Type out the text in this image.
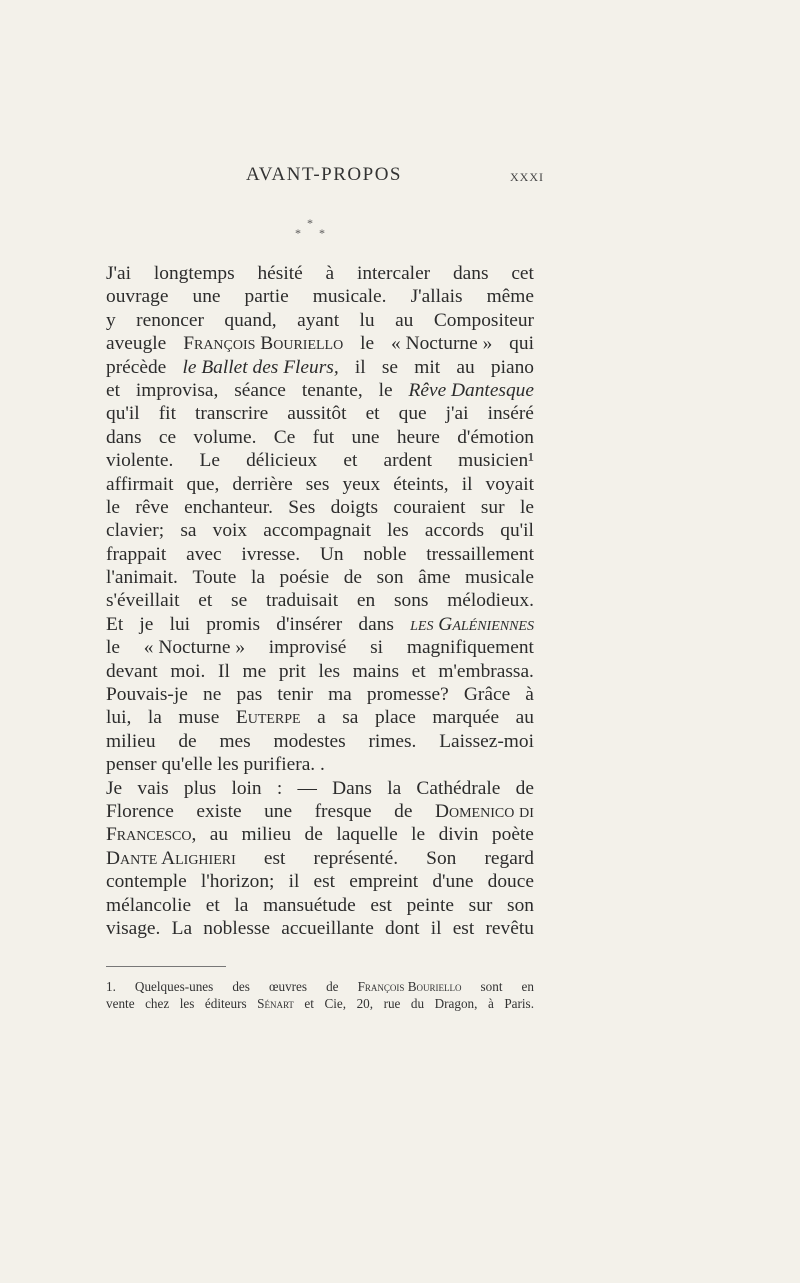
AVANT-PROPOS	XXXI
*
* *
J'ai longtemps hésité à intercaler dans cet
ouvrage une partie musicale. J'allais même
y renoncer quand, ayant lu au Compositeur
aveugle François Bouriello le « Nocturne » qui
précède le Ballet des Fleurs, il se mit au piano
et improvisa, séance tenante, le Rêve Dantesque
qu'il fit transcrire aussitôt et que j'ai inséré
dans ce volume. Ce fut une heure d'émotion
violente. Le délicieux et ardent musicien¹
affirmait que, derrière ses yeux éteints, il voyait
le rêve enchanteur. Ses doigts couraient sur le
clavier; sa voix accompagnait les accords qu'il
frappait avec ivresse. Un noble tressaillement
l'animait. Toute la poésie de son âme musicale
s'éveillait et se traduisait en sons mélodieux.
Et je lui promis d'insérer dans les Galéniennes
le « Nocturne » improvisé si magnifiquement
devant moi. Il me prit les mains et m'embrassa.
Pouvais-je ne pas tenir ma promesse? Grâce à
lui, la muse Euterpe a sa place marquée au
milieu de mes modestes rimes. Laissez-moi
penser qu'elle les purifiera. .
Je vais plus loin : — Dans la Cathédrale de
Florence existe une fresque de Domenico di
Francesco, au milieu de laquelle le divin poète
Dante Alighieri est représenté. Son regard
contemple l'horizon; il est empreint d'une douce
mélancolie et la mansuétude est peinte sur son
visage. La noblesse accueillante dont il est revêtu
1. Quelques-unes des œuvres de François Bouriello sont en
vente chez les éditeurs Sénart et Cie, 20, rue du Dragon, à Paris.
